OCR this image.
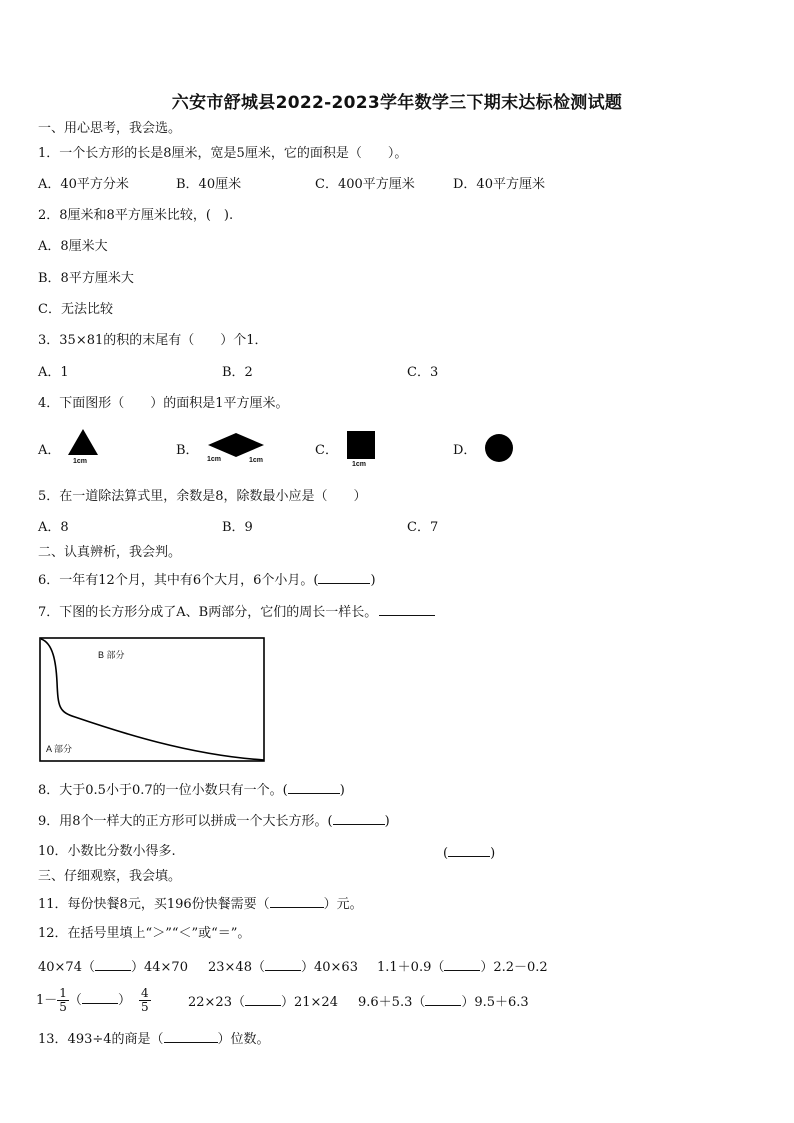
六安市舒城县2022-2023学年数学三下期末达标检测试题
一、用心思考，我会选。
1．一个长方形的长是8厘米，宽是5厘米，它的面积是（　　）。
A．40平方分米	B．40厘米	C．400平方厘米	D．40平方厘米
2．8厘米和8平方厘米比较，(　).
A．8厘米大
B．8平方厘米大
C．无法比较
3．35×81的积的末尾有（　　）个1．
A．1	B．2	C．3
4．下面图形（　　）的面积是1平方厘米。
A．
1cm
B．
1cm	1cm
C．
1cm
D．
5．在一道除法算式里，余数是8，除数最小应是（　　）
A．8	B．9	C．7
二、认真辨析，我会判。
6．一年有12个月，其中有6个大月，6个小月。(	)
7．下图的长方形分成了A、B两部分，它们的周长一样长。
B 部分
A 部分
8．大于0.5小于0.7的一位小数只有一个。(	)
9．用8个一样大的正方形可以拼成一个大长方形。(	)
10．小数比分数小得多.	(	)
三、仔细观察，我会填。
11．每份快餐8元，买196份快餐需要（	）元。
12．在括号里填上“＞”“＜”或“＝”。
40×74（	）44×70 23×48（	）40×63 1.1＋0.9（	）2.2－0.2
$1- \frac{1}{5}$ （	） $\frac{4}{5}$	22×23（	）21×24 9.6＋5.3（	）9.5＋6.3
13．493÷4的商是（	）位数。
